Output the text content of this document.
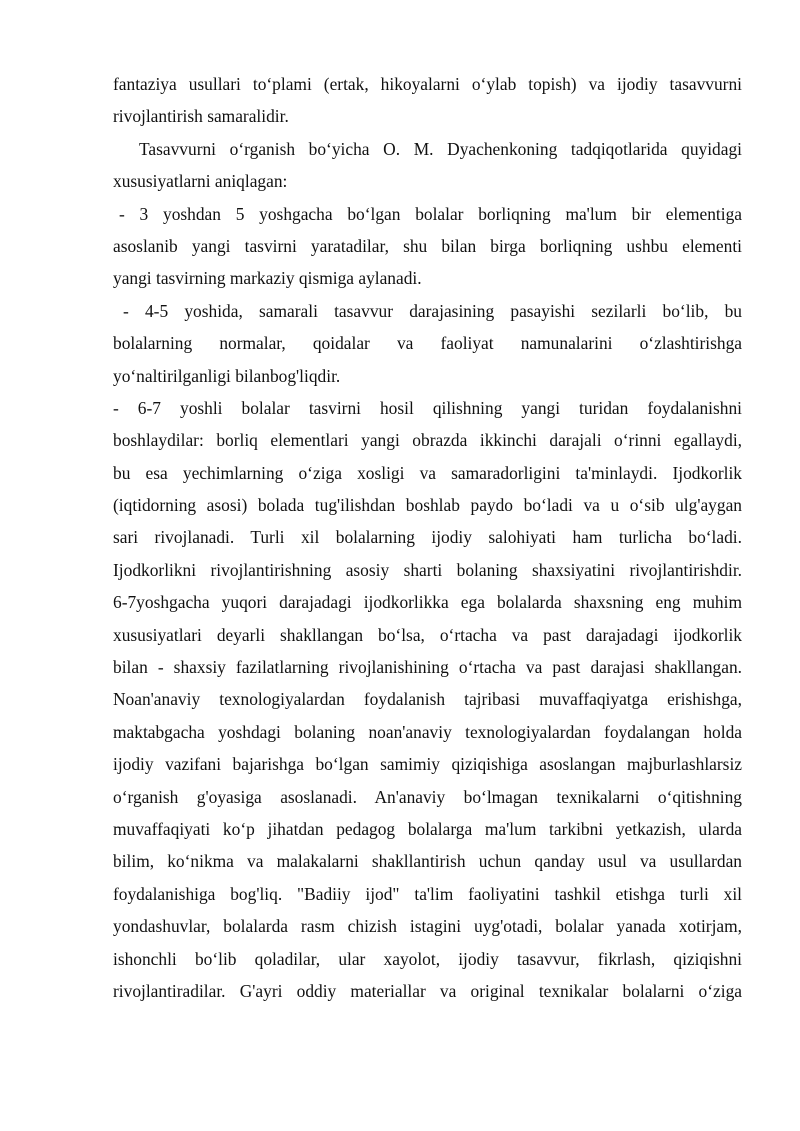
fantaziya usullari to‘plami (ertak, hikoyalarni o‘ylab topish) va ijodiy tasavvurni
rivojlantirish samaralidir.
Tasavvurni o‘rganish bo‘yicha O. M. Dyachenkoning tadqiqotlarida quyidagi
xususiyatlarni aniqlagan:
- 3 yoshdan 5 yoshgacha bo‘lgan bolalar borliqning ma'lum bir elementiga
asoslanib yangi tasvirni yaratadilar, shu bilan birga borliqning ushbu elementi
yangi tasvirning markaziy qismiga aylanadi.
- 4-5 yoshida, samarali tasavvur darajasining pasayishi sezilarli bo‘lib, bu
bolalarning normalar, qoidalar va faoliyat namunalarini o‘zlashtirishga
yo‘naltirilganligi bilanbog'liqdir.
- 6-7 yoshli bolalar tasvirni hosil qilishning yangi turidan foydalanishni
boshlaydilar: borliq elementlari yangi obrazda ikkinchi darajali o‘rinni egallaydi,
bu esa yechimlarning o‘ziga xosligi va samaradorligini ta'minlaydi. Ijodkorlik
(iqtidorning asosi) bolada tug'ilishdan boshlab paydo bo‘ladi va u o‘sib ulg'aygan
sari rivojlanadi. Turli xil bolalarning ijodiy salohiyati ham turlicha bo‘ladi.
Ijodkorlikni rivojlantirishning asosiy sharti bolaning shaxsiyatini rivojlantirishdir.
6-7yoshgacha yuqori darajadagi ijodkorlikka ega bolalarda shaxsning eng muhim
xususiyatlari deyarli shakllangan bo‘lsa, o‘rtacha va past darajadagi ijodkorlik
bilan - shaxsiy fazilatlarning rivojlanishining o‘rtacha va past darajasi shakllangan.
Noan'anaviy texnologiyalardan foydalanish tajribasi muvaffaqiyatga erishishga,
maktabgacha yoshdagi bolaning noan'anaviy texnologiyalardan foydalangan holda
ijodiy vazifani bajarishga bo‘lgan samimiy qiziqishiga asoslangan majburlashlarsiz
o‘rganish g'oyasiga asoslanadi. An'anaviy bo‘lmagan texnikalarni o‘qitishning
muvaffaqiyati ko‘p jihatdan pedagog bolalarga ma'lum tarkibni yetkazish, ularda
bilim, ko‘nikma va malakalarni shakllantirish uchun qanday usul va usullardan
foydalanishiga bog'liq. "Badiiy ijod" ta'lim faoliyatini tashkil etishga turli xil
yondashuvlar, bolalarda rasm chizish istagini uyg'otadi, bolalar yanada xotirjam,
ishonchli bo‘lib qoladilar, ular xayolot, ijodiy tasavvur, fikrlash, qiziqishni
rivojlantiradilar. G'ayri oddiy materiallar va original texnikalar bolalarni o‘ziga
